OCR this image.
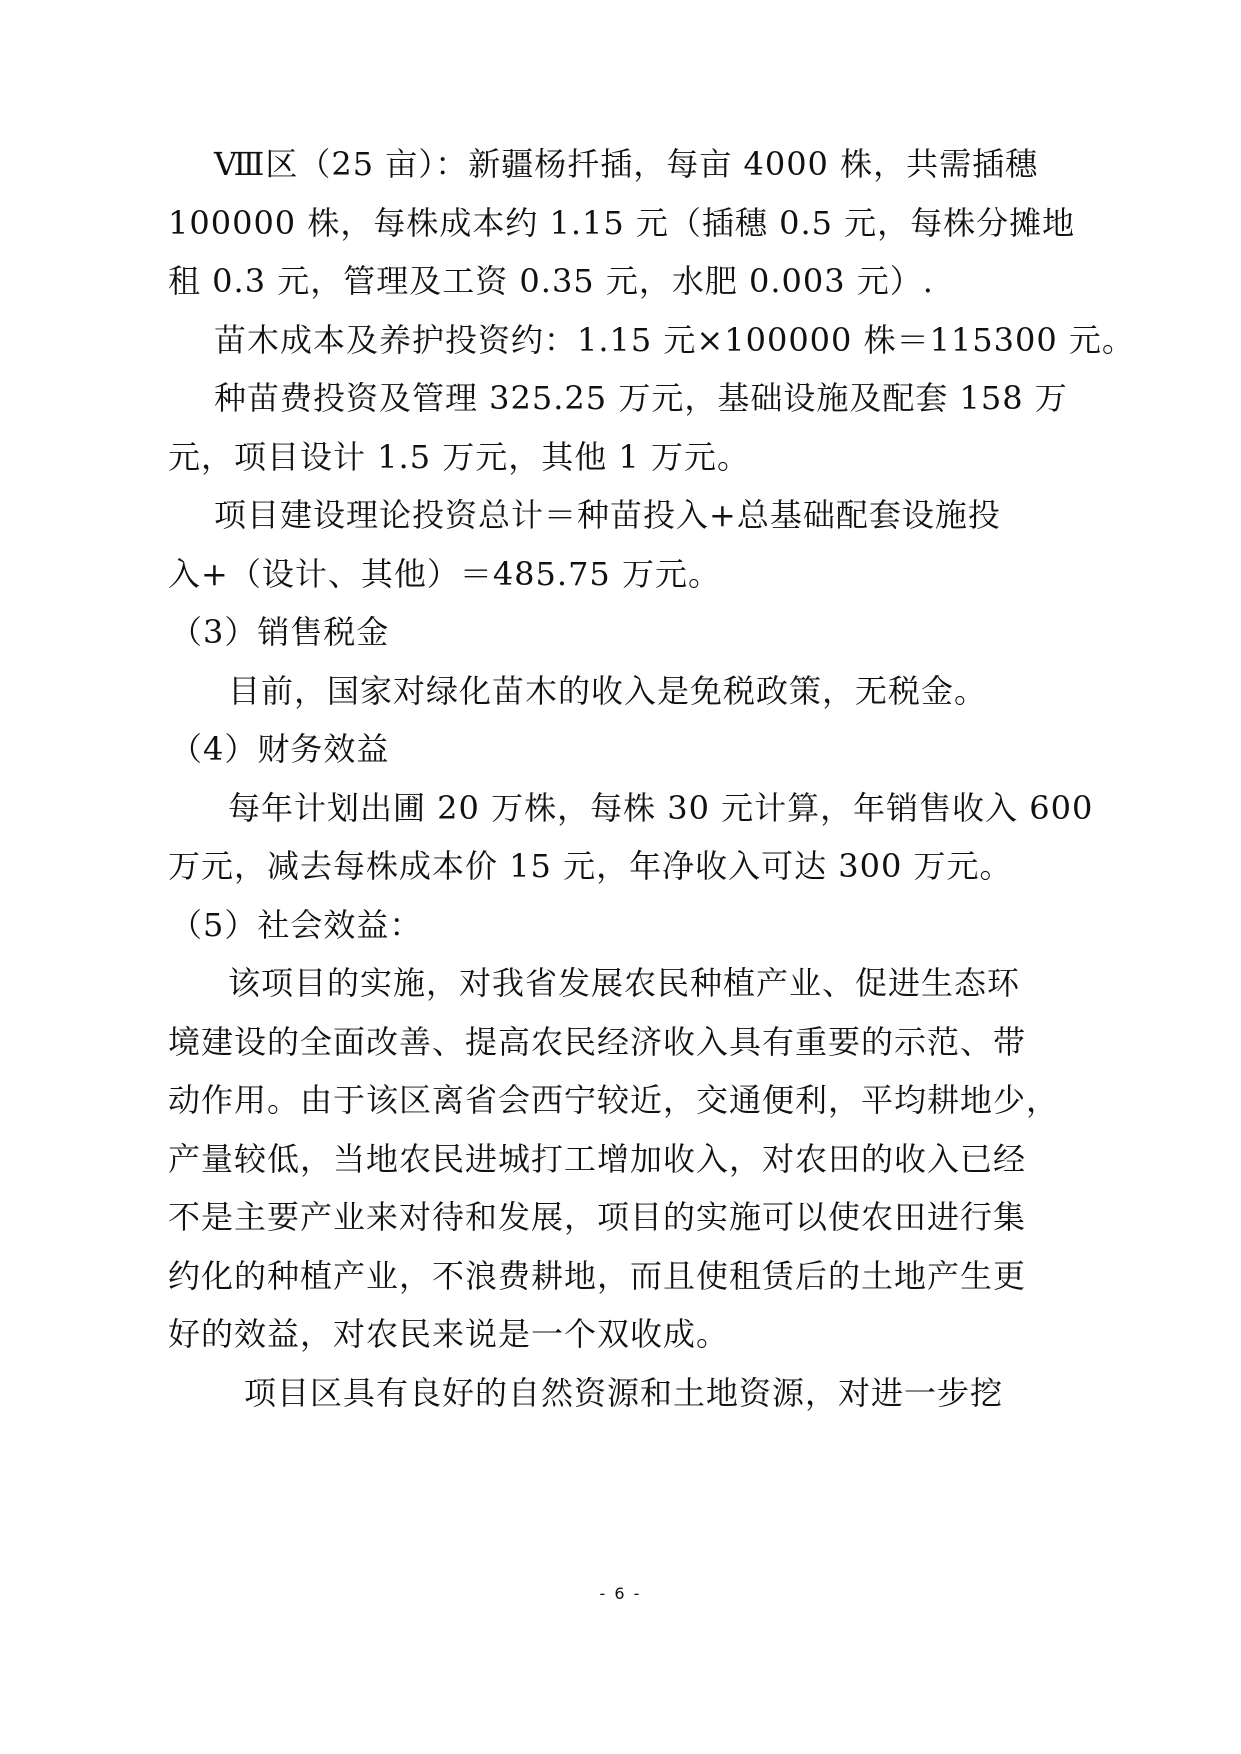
Ⅷ区（25 亩）：新疆杨扦插，每亩 4000 株，共需插穗
100000 株，每株成本约 1.15 元（插穗 0.5 元，每株分摊地
租 0.3 元，管理及工资 0.35 元，水肥 0.003 元）.
苗木成本及养护投资约：1.15 元×100000 株＝115300 元。
种苗费投资及管理 325.25 万元，基础设施及配套 158 万
元，项目设计 1.5 万元，其他 1 万元。
项目建设理论投资总计＝种苗投入+总基础配套设施投
入+（设计、其他）＝485.75 万元。
（3）销售税金
目前，国家对绿化苗木的收入是免税政策，无税金。
（4）财务效益
每年计划出圃 20 万株，每株 30 元计算，年销售收入 600
万元，减去每株成本价 15 元，年净收入可达 300 万元。
（5）社会效益：
该项目的实施，对我省发展农民种植产业、促进生态环
境建设的全面改善、提高农民经济收入具有重要的示范、带
动作用。由于该区离省会西宁较近，交通便利，平均耕地少，
产量较低，当地农民进城打工增加收入，对农田的收入已经
不是主要产业来对待和发展，项目的实施可以使农田进行集
约化的种植产业，不浪费耕地，而且使租赁后的土地产生更
好的效益，对农民来说是一个双收成。
项目区具有良好的自然资源和土地资源，对进一步挖
- 6 -
